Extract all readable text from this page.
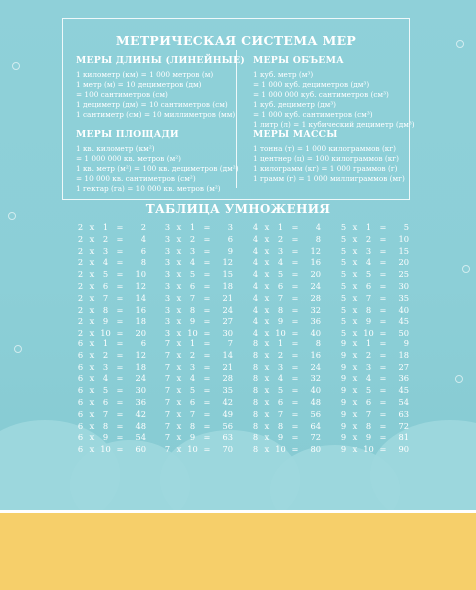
МЕТРИЧЕСКАЯ СИСТЕМА МЕР
МЕРЫ ДЛИНЫ (ЛИНЕЙНЫЕ)
1 километр (км) = 1 000 метров (м)
1 метр (м) = 10 дециметров (дм)
= 100 сантиметров (см)
1 дециметр (дм) = 10 сантиметров (см)
1 сантиметр (см) = 10 миллиметров (мм)
МЕРЫ ОБЪЕМА
1 куб. метр (м³)
= 1 000 куб. дециметров (дм³)
= 1 000 000 куб. сантиметров (см³)
1 куб. дециметр (дм³)
= 1 000 куб. сантиметров (см³)
1 литр (л) = 1 кубический дециметр (дм³)
МЕРЫ ПЛОЩАДИ
1 кв. километр (км²)
= 1 000 000 кв. метров (м²)
1 кв. метр (м²) = 100 кв. дециметров (дм²)
= 10 000 кв. сантиметров (см²)
1 гектар (га) = 10 000 кв. метров (м²)
МЕРЫ МАССЫ
1 тонна (т) = 1 000 килограммов (кг)
1 центнер (ц) = 100 килограммов (кг)
1 килограмм (кг) = 1 000 граммов (г)
1 грамм (г) = 1 000 миллиграммов (мг)
ТАБЛИЦА УМНОЖЕНИЯ
2 x	1	=	2
2 x	2	=	4
2 x	3	=	6
2 x	4	=	8
2 x	5	=	10
2 x	6	=	12
2 x	7	=	14
2 x	8	=	16
2 x	9	=	18
2 x 10 =	20
3 x	1	=	3
3 x	2	=	6
3 x	3	=	9
3 x	4	=	12
3 x	5	=	15
3 x	6	=	18
3 x	7	=	21
3 x	8	=	24
3 x	9	=	27
3 x 10 =	30
4 x	1	=	4
4 x	2	=	8
4 x	3	=	12
4 x	4	=	16
4 x	5	=	20
4 x	6	=	24
4 x	7	=	28
4 x	8	=	32
4 x	9	=	36
4 x 10 =	40
5 x	1	=	5
5 x	2	=	10
5 x	3	=	15
5 x	4	=	20
5 x	5	=	25
5 x	6	=	30
5 x	7	=	35
5 x	8	=	40
5 x	9	=	45
5 x 10 =	50
6 x	1	=	6
6 x	2	=	12
6 x	3	=	18
6 x	4	=	24
6 x	5	=	30
6 x	6	=	36
6 x	7	=	42
6 x	8	=	48
6 x	9	=	54
6 x 10 =	60
7 x	1	=	7
7 x	2	=	14
7 x	3	=	21
7 x	4	=	28
7 x	5	=	35
7 x	6	=	42
7 x	7	=	49
7 x	8	=	56
7 x	9	=	63
7 x 10 =	70
8 x	1	=	8
8 x	2	=	16
8 x	3	=	24
8 x	4	=	32
8 x	5	=	40
8 x	6	=	48
8 x	7	=	56
8 x	8	=	64
8 x	9	=	72
8 x 10 =	80
9 x	1	=	9
9 x	2	=	18
9 x	3	=	27
9 x	4	=	36
9 x	5	=	45
9 x	6	=	54
9 x	7	=	63
9 x	8	=	72
9 x	9	=	81
9 x 10 =	90
